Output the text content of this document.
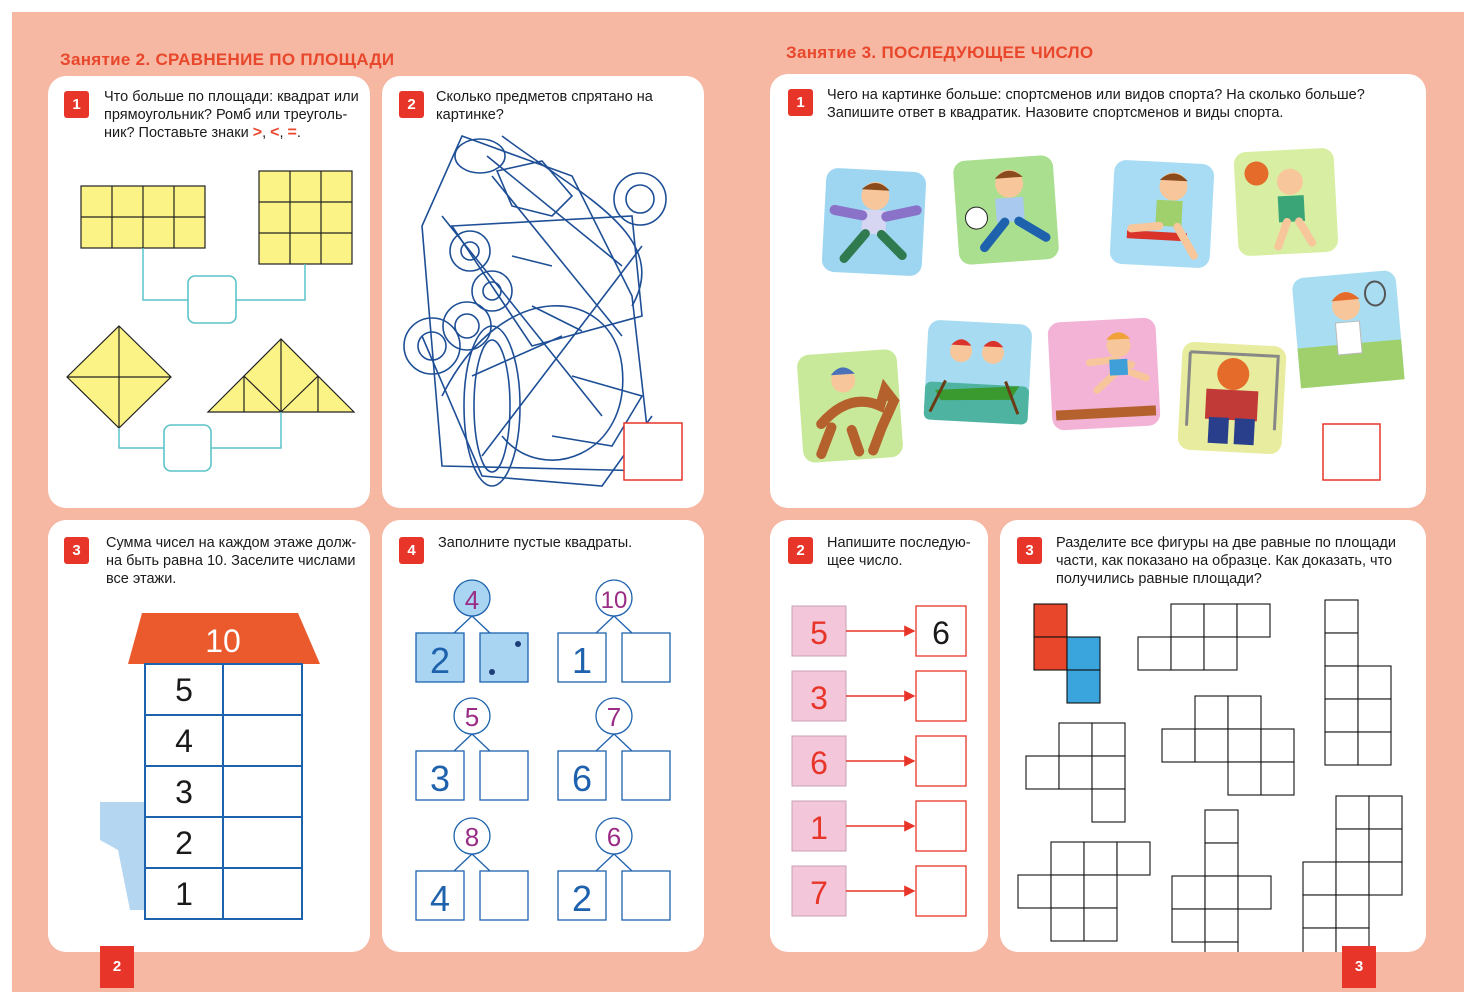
Занятие 2. СРАВНЕНИЕ ПО ПЛОЩАДИ
1	Что больше по площади: квадрат или прямоугольник? Ромб или треугольник? Поставьте знаки >, <, =.
2	Сколько предметов спрятано на картинке?
3	Сумма чисел на каждом этаже должна быть равна 10. Заселите числами все этажи.
10
5
4
3
2
1
4	Заполните пустые квадраты.
4
2
10
1
5
3
7
6
8
4
6
2
2
Занятие 3. ПОСЛЕДУЮЩЕЕ ЧИСЛО
1	Чего на картинке больше: спортсменов или видов спорта? На сколько больше? Запишите ответ в квадратик. Назовите спортсменов и виды спорта.
2	Напишите последующее число.
5	6
3
6
1
7
3	Разделите все фигуры на две равные по площади части, как показано на образце. Как доказать, что получились равные площади?
3
